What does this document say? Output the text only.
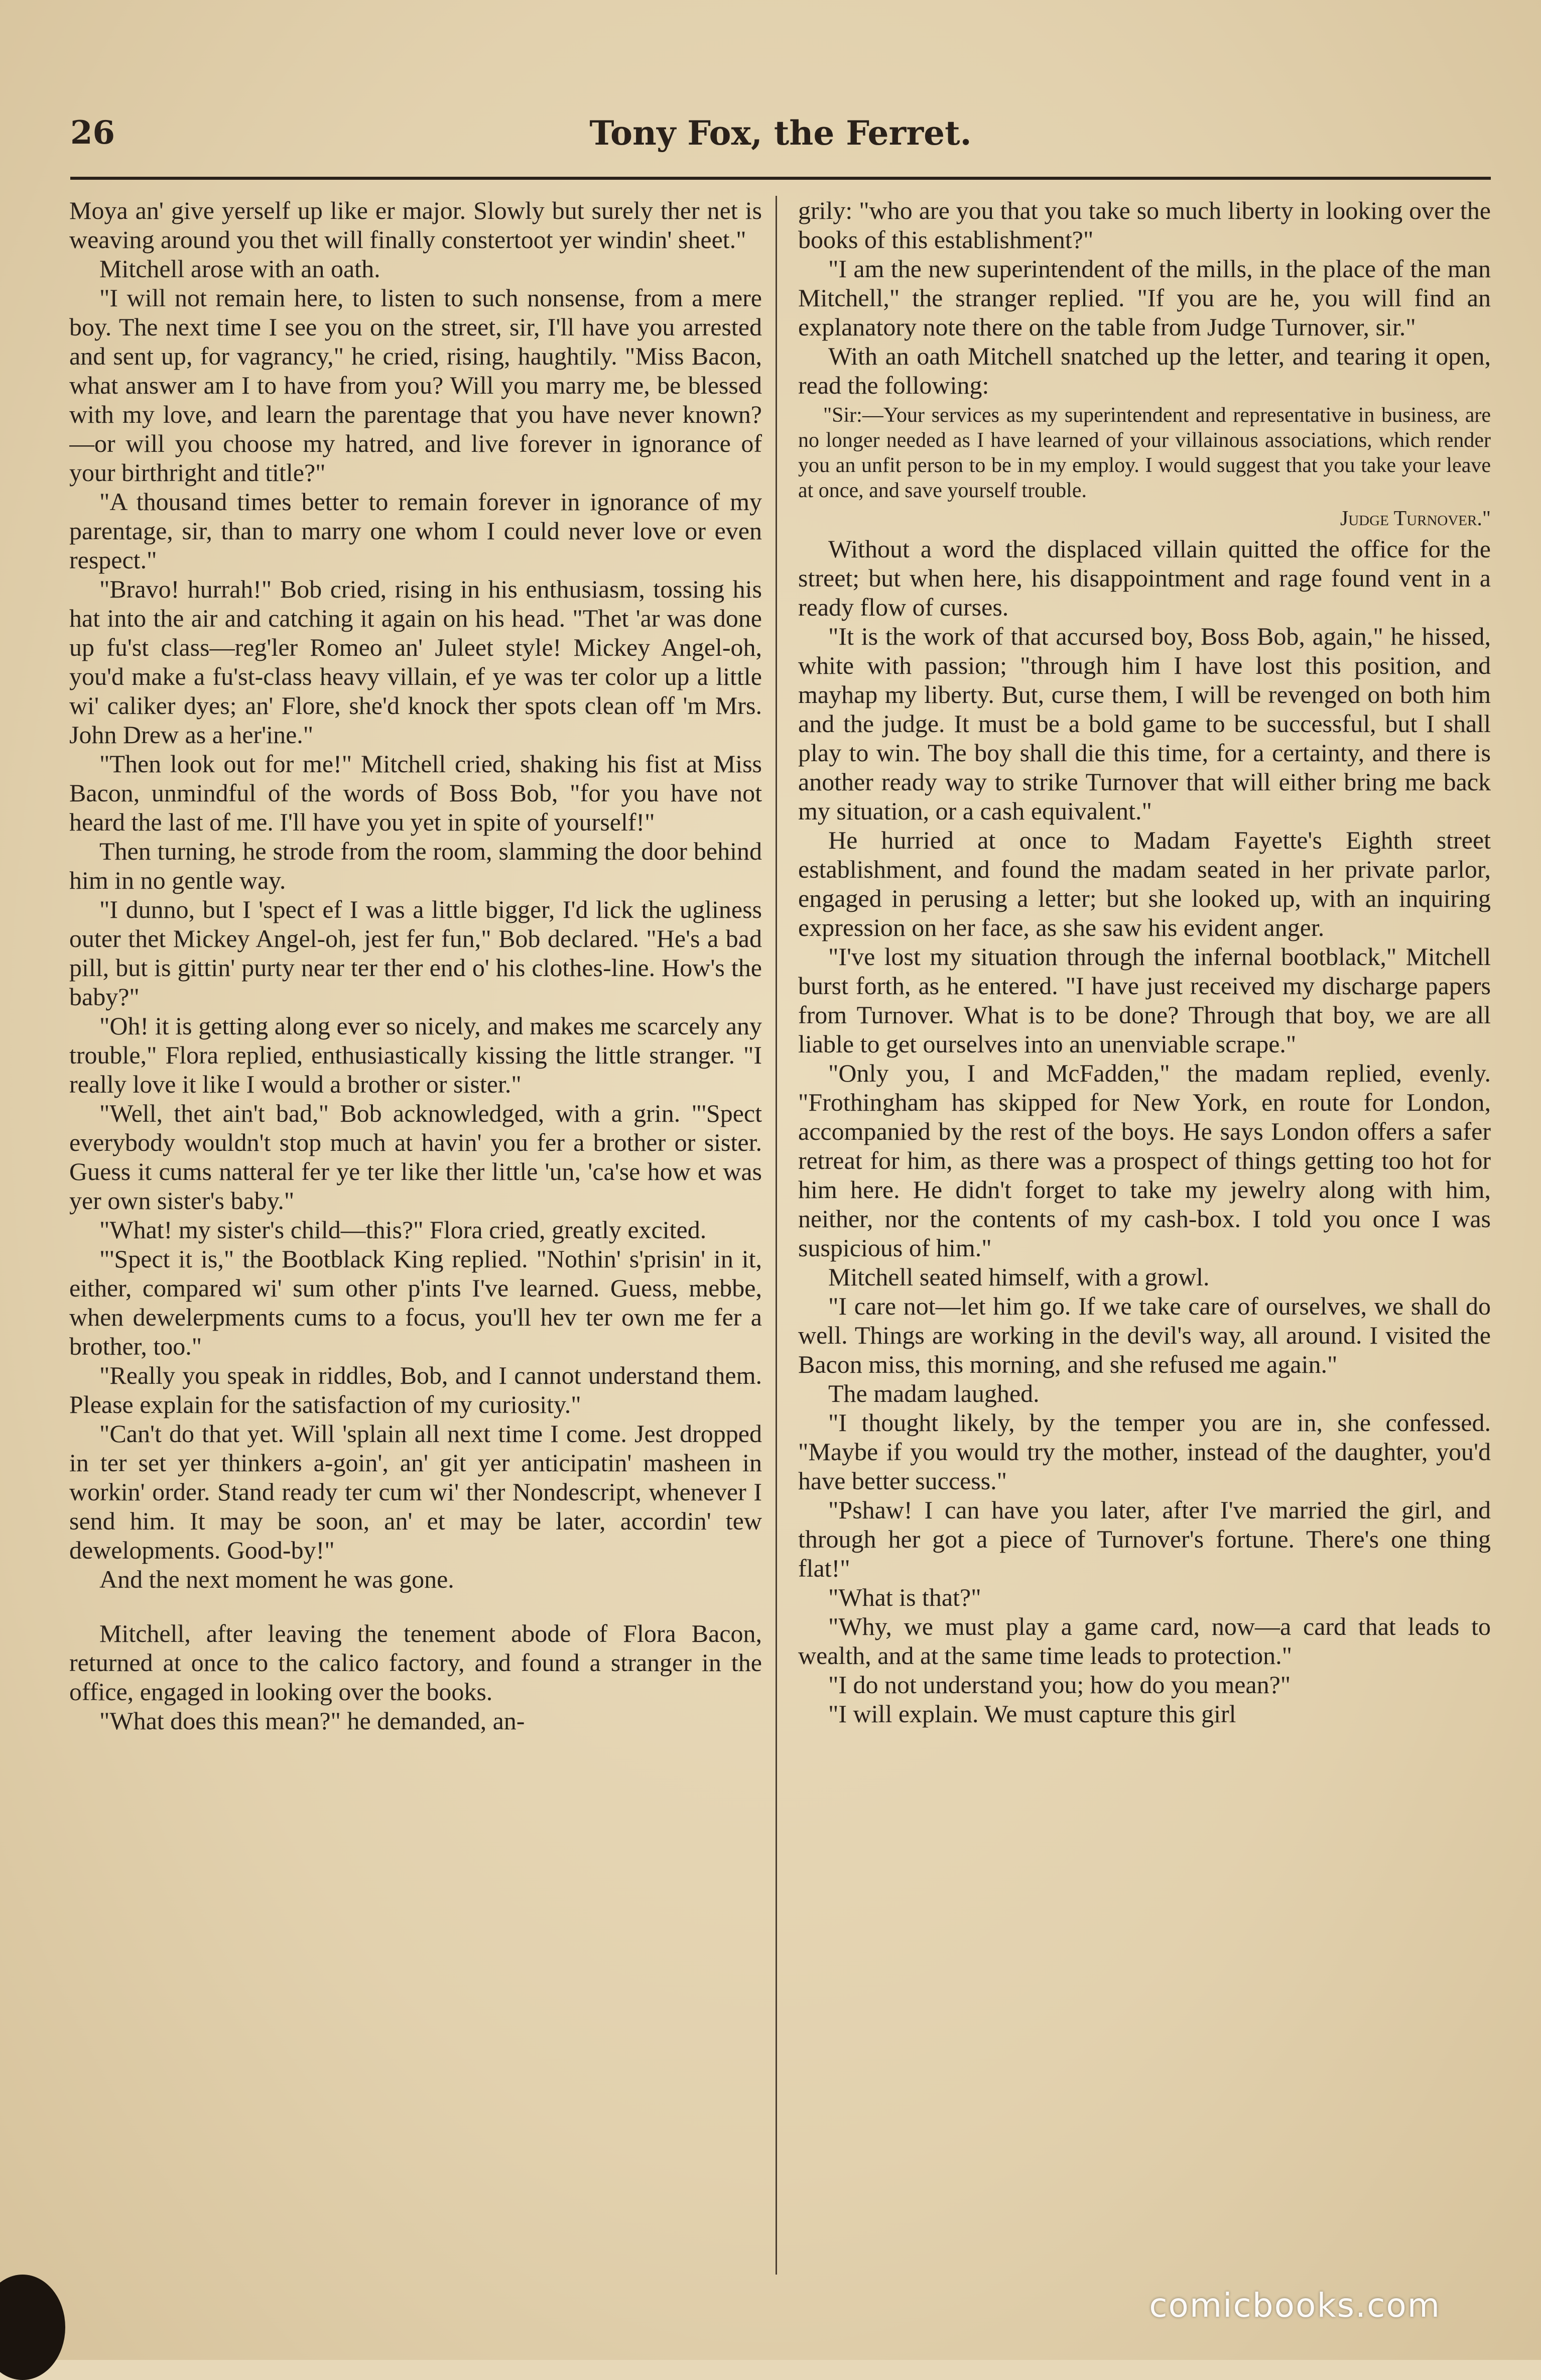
26	Tony Fox, the Ferret.

Moya an' give yerself up like er major. Slowly but surely ther net is weaving around you thet will finally constertoot yer windin' sheet."

Mitchell arose with an oath.

"I will not remain here, to listen to such nonsense, from a mere boy. The next time I see you on the street, sir, I'll have you arrested and sent up, for vagrancy," he cried, rising, haughtily. "Miss Bacon, what answer am I to have from you? Will you marry me, be blessed with my love, and learn the parentage that you have never known?—or will you choose my hatred, and live forever in ignorance of your birthright and title?"

"A thousand times better to remain forever in ignorance of my parentage, sir, than to marry one whom I could never love or even respect."

"Bravo! hurrah!" Bob cried, rising in his enthusiasm, tossing his hat into the air and catching it again on his head. "Thet 'ar was done up fu'st class—reg'ler Romeo an' Juleet style! Mickey Angel-oh, you'd make a fu'st-class heavy villain, ef ye was ter color up a little wi' caliker dyes; an' Flore, she'd knock ther spots clean off 'm Mrs. John Drew as a her'ine."

"Then look out for me!" Mitchell cried, shaking his fist at Miss Bacon, unmindful of the words of Boss Bob, "for you have not heard the last of me. I'll have you yet in spite of yourself!"

Then turning, he strode from the room, slamming the door behind him in no gentle way.

"I dunno, but I 'spect ef I was a little bigger, I'd lick the ugliness outer thet Mickey Angel-oh, jest fer fun," Bob declared. "He's a bad pill, but is gittin' purty near ter ther end o' his clothes-line. How's the baby?"

"Oh! it is getting along ever so nicely, and makes me scarcely any trouble," Flora replied, enthusiastically kissing the little stranger. "I really love it like I would a brother or sister."

"Well, thet ain't bad," Bob acknowledged, with a grin. "'Spect everybody wouldn't stop much at havin' you fer a brother or sister. Guess it cums natteral fer ye ter like ther little 'un, 'ca'se how et was yer own sister's baby."

"What! my sister's child—this?" Flora cried, greatly excited.

"'Spect it is," the Bootblack King replied. "Nothin' s'prisin' in it, either, compared wi' sum other p'ints I've learned. Guess, mebbe, when dewelerpments cums to a focus, you'll hev ter own me fer a brother, too."

"Really you speak in riddles, Bob, and I cannot understand them. Please explain for the satisfaction of my curiosity."

"Can't do that yet. Will 'splain all next time I come. Jest dropped in ter set yer thinkers a-goin', an' git yer anticipatin' masheen in workin' order. Stand ready ter cum wi' ther Nondescript, whenever I send him. It may be soon, an' et may be later, accordin' tew dewelopments. Good-by!"

And the next moment he was gone.

Mitchell, after leaving the tenement abode of Flora Bacon, returned at once to the calico factory, and found a stranger in the office, engaged in looking over the books.

"What does this mean?" he demanded, an-

grily: "who are you that you take so much liberty in looking over the books of this establishment?"

"I am the new superintendent of the mills, in the place of the man Mitchell," the stranger replied. "If you are he, you will find an explanatory note there on the table from Judge Turnover, sir."

With an oath Mitchell snatched up the letter, and tearing it open, read the following:

"Sir:—Your services as my superintendent and representative in business, are no longer needed as I have learned of your villainous associations, which render you an unfit person to be in my employ. I would suggest that you take your leave at once, and save yourself trouble.

Judge Turnover."

Without a word the displaced villain quitted the office for the street; but when here, his disappointment and rage found vent in a ready flow of curses.

"It is the work of that accursed boy, Boss Bob, again," he hissed, white with passion; "through him I have lost this position, and mayhap my liberty. But, curse them, I will be revenged on both him and the judge. It must be a bold game to be successful, but I shall play to win. The boy shall die this time, for a certainty, and there is another ready way to strike Turnover that will either bring me back my situation, or a cash equivalent."

He hurried at once to Madam Fayette's Eighth street establishment, and found the madam seated in her private parlor, engaged in perusing a letter; but she looked up, with an inquiring expression on her face, as she saw his evident anger.

"I've lost my situation through the infernal bootblack," Mitchell burst forth, as he entered. "I have just received my discharge papers from Turnover. What is to be done? Through that boy, we are all liable to get ourselves into an unenviable scrape."

"Only you, I and McFadden," the madam replied, evenly. "Frothingham has skipped for New York, en route for London, accompanied by the rest of the boys. He says London offers a safer retreat for him, as there was a prospect of things getting too hot for him here. He didn't forget to take my jewelry along with him, neither, nor the contents of my cash-box. I told you once I was suspicious of him."

Mitchell seated himself, with a growl.

"I care not—let him go. If we take care of ourselves, we shall do well. Things are working in the devil's way, all around. I visited the Bacon miss, this morning, and she refused me again."

The madam laughed.

"I thought likely, by the temper you are in, she confessed. "Maybe if you would try the mother, instead of the daughter, you'd have better success."

"Pshaw! I can have you later, after I've married the girl, and through her got a piece of Turnover's fortune. There's one thing flat!"

"What is that?"

"Why, we must play a game card, now—a card that leads to wealth, and at the same time leads to protection."

"I do not understand you; how do you mean?"

"I will explain. We must capture this girl

comicbooks.com
